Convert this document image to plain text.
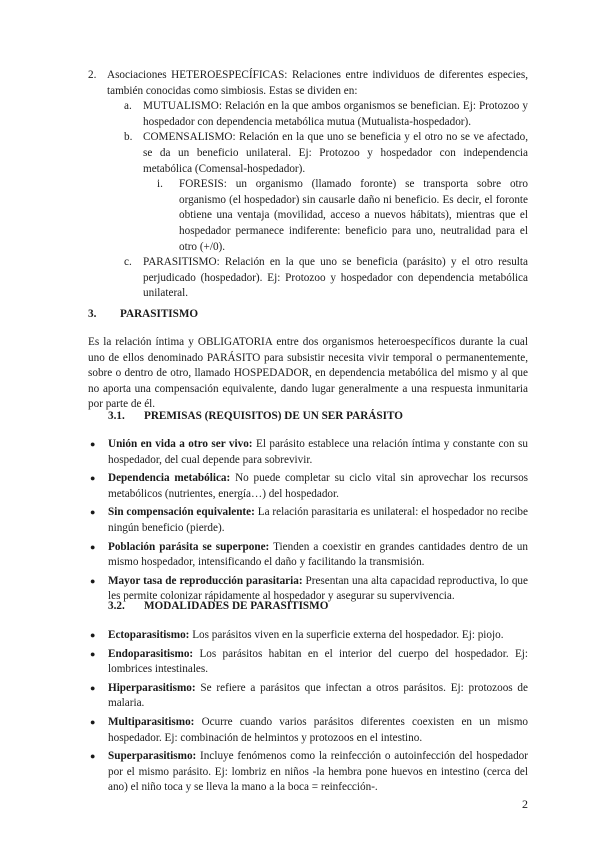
2. Asociaciones HETEROESPECÍFICAS: Relaciones entre individuos de diferentes especies, también conocidas como simbiosis. Estas se dividen en:
a. MUTUALISMO: Relación en la que ambos organismos se benefician. Ej: Protozoo y hospedador con dependencia metabólica mutua (Mutualista-hospedador).
b. COMENSALISMO: Relación en la que uno se beneficia y el otro no se ve afectado, se da un beneficio unilateral. Ej: Protozoo y hospedador con independencia metabólica (Comensal-hospedador).
i. FORESIS: un organismo (llamado foronte) se transporta sobre otro organismo (el hospedador) sin causarle daño ni beneficio. Es decir, el foronte obtiene una ventaja (movilidad, acceso a nuevos hábitats), mientras que el hospedador permanece indiferente: beneficio para uno, neutralidad para el otro (+/0).
c. PARASITISMO: Relación en la que uno se beneficia (parásito) y el otro resulta perjudicado (hospedador). Ej: Protozoo y hospedador con dependencia metabólica unilateral.
3. PARASITISMO
Es la relación íntima y OBLIGATORIA entre dos organismos heteroespecíficos durante la cual uno de ellos denominado PARÁSITO para subsistir necesita vivir temporal o permanentemente, sobre o dentro de otro, llamado HOSPEDADOR, en dependencia metabólica del mismo y al que no aporta una compensación equivalente, dando lugar generalmente a una respuesta inmunitaria por parte de él.
3.1. PREMISAS (REQUISITOS) DE UN SER PARÁSITO
● Unión en vida a otro ser vivo: El parásito establece una relación íntima y constante con su hospedador, del cual depende para sobrevivir.
● Dependencia metabólica: No puede completar su ciclo vital sin aprovechar los recursos metabólicos (nutrientes, energía…) del hospedador.
● Sin compensación equivalente: La relación parasitaria es unilateral: el hospedador no recibe ningún beneficio (pierde).
● Población parásita se superpone: Tienden a coexistir en grandes cantidades dentro de un mismo hospedador, intensificando el daño y facilitando la transmisión.
● Mayor tasa de reproducción parasitaria: Presentan una alta capacidad reproductiva, lo que les permite colonizar rápidamente al hospedador y asegurar su supervivencia.
3.2. MODALIDADES DE PARASITISMO
● Ectoparasitismo: Los parásitos viven en la superficie externa del hospedador. Ej: piojo.
● Endoparasitismo: Los parásitos habitan en el interior del cuerpo del hospedador. Ej: lombrices intestinales.
● Hiperparasitismo: Se refiere a parásitos que infectan a otros parásitos. Ej: protozoos de malaria.
● Multiparasitismo: Ocurre cuando varios parásitos diferentes coexisten en un mismo hospedador. Ej: combinación de helmintos y protozoos en el intestino.
● Superparasitismo: Incluye fenómenos como la reinfección o autoinfección del hospedador por el mismo parásito. Ej: lombriz en niños -la hembra pone huevos en intestino (cerca del ano) el niño toca y se lleva la mano a la boca = reinfección-.
2
